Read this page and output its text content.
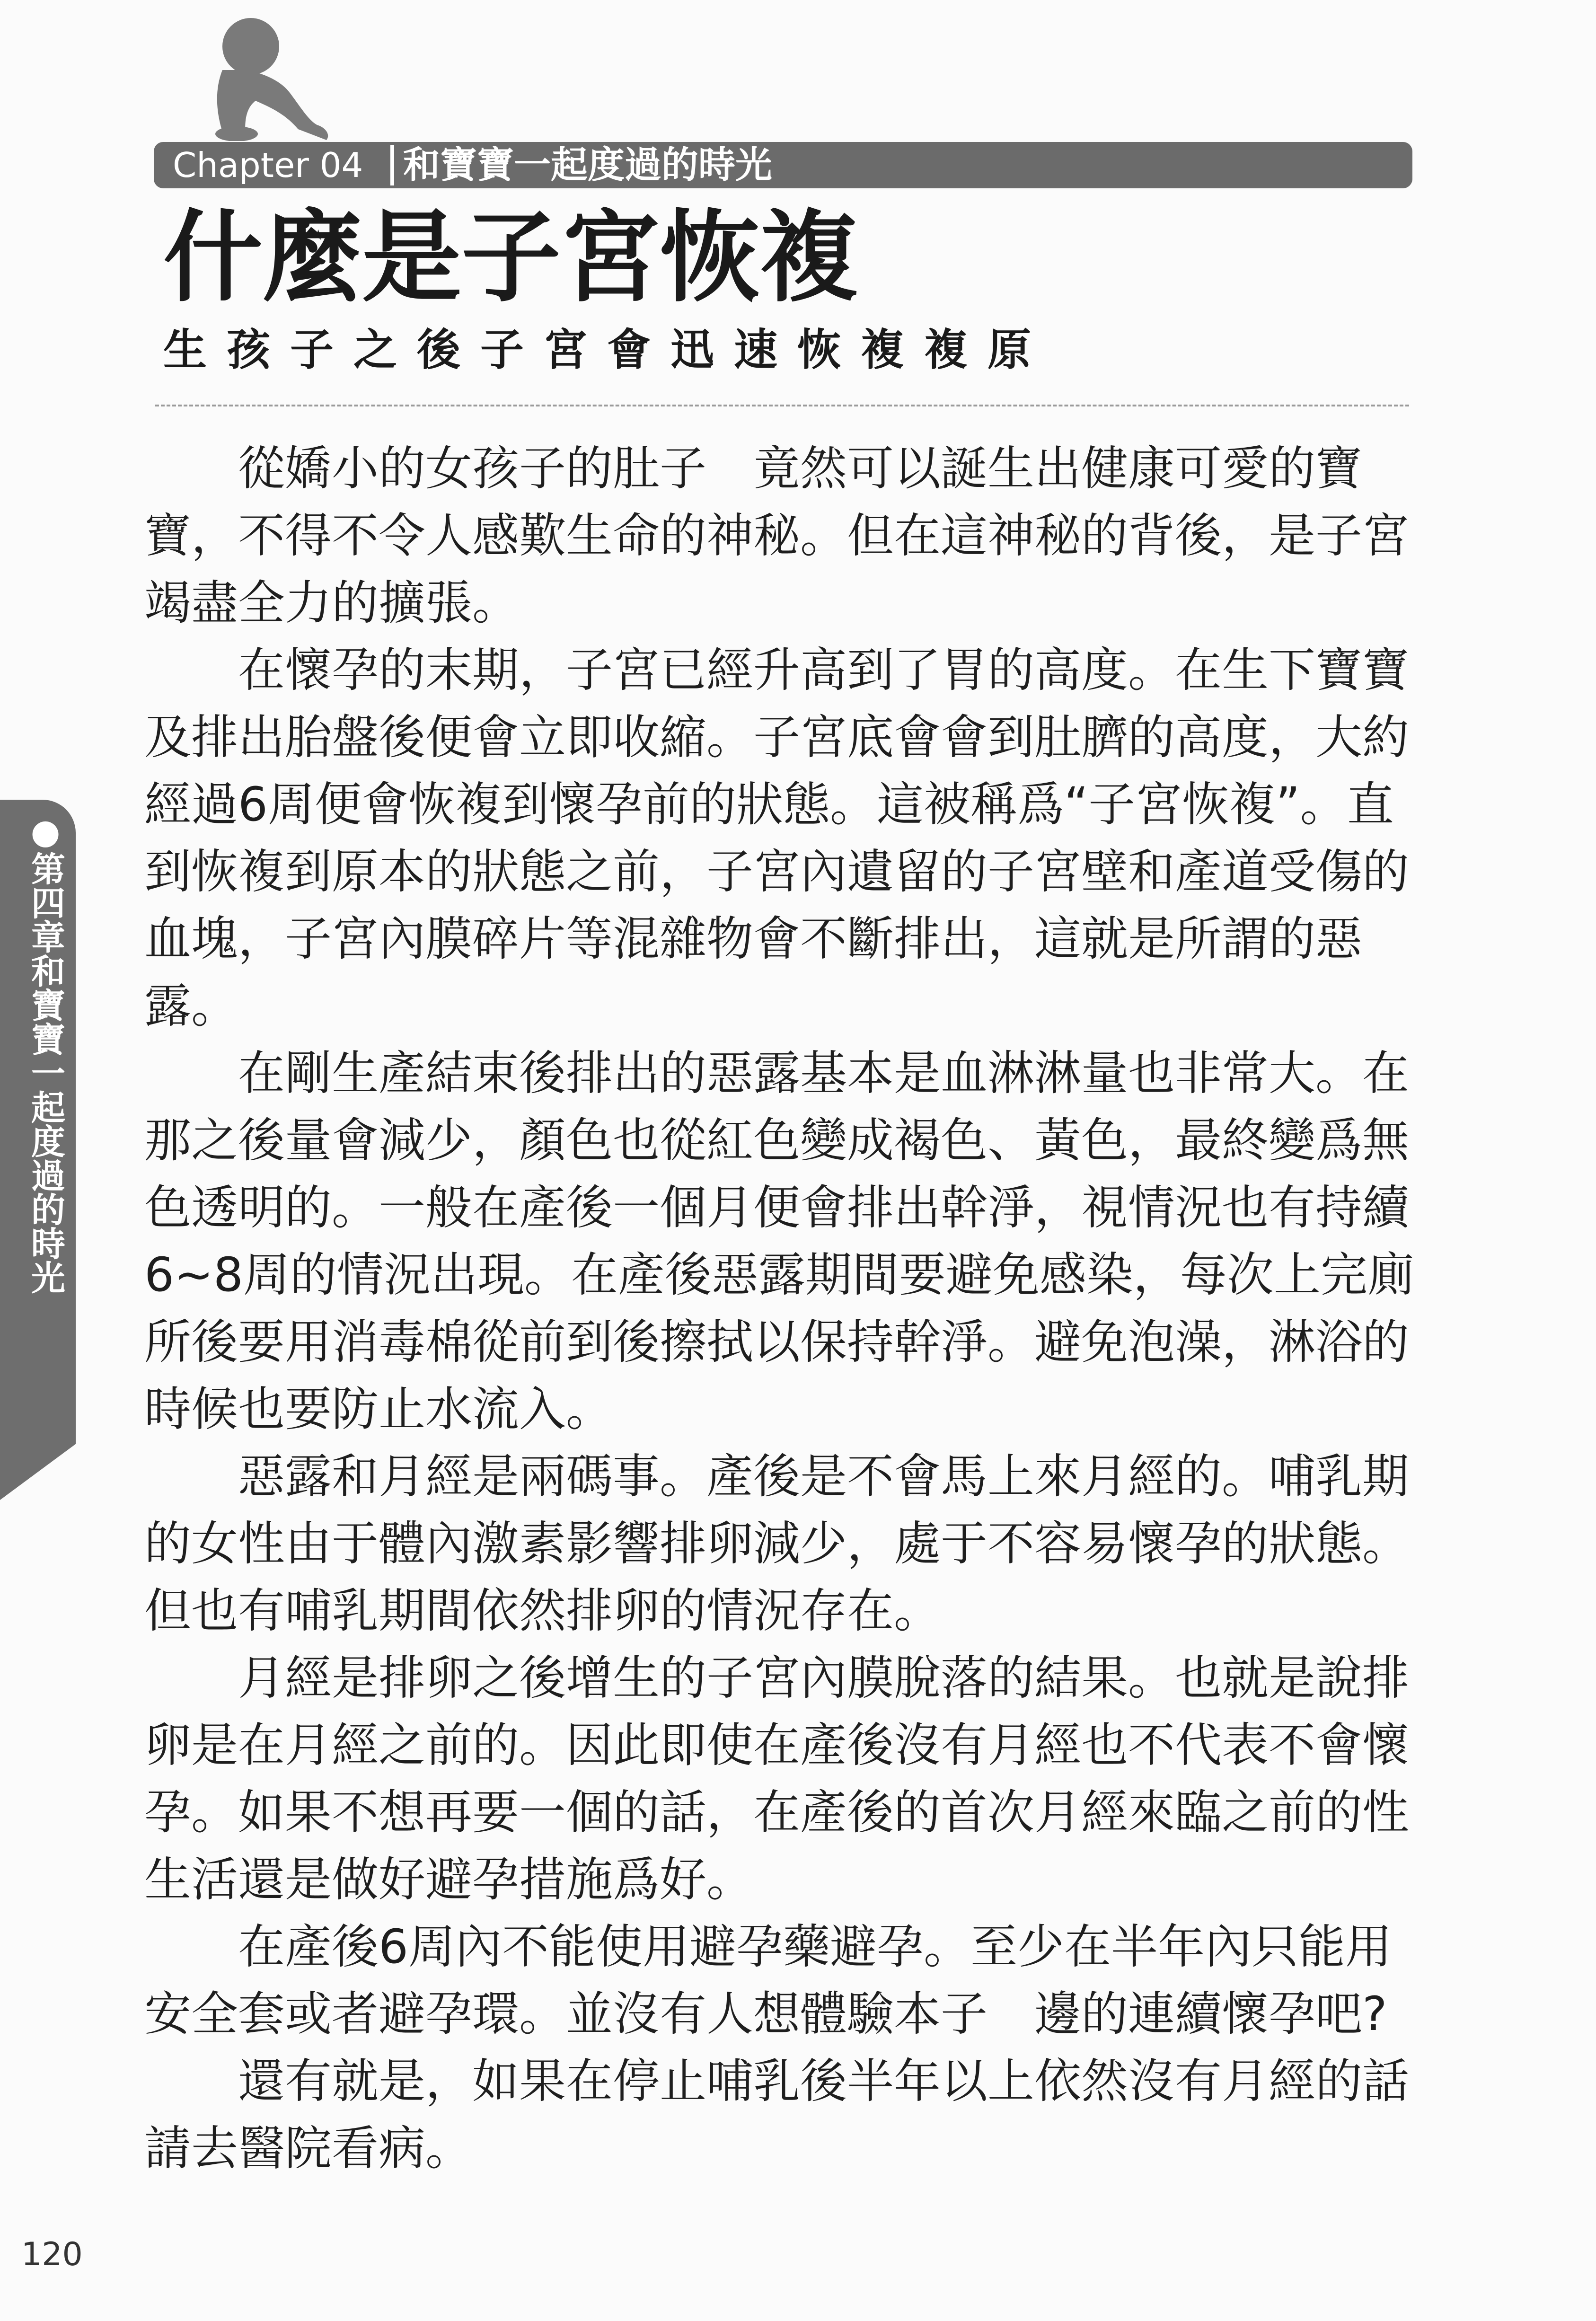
Chapter 04 和寶寶一起度過的時光
什麼是子宮恢複
生孩子之後子宮會迅速恢複複原

從嬌小的女孩子的肚子　竟然可以誕生出健康可愛的寶寶，不得不令人感歎生命的神秘。但在這神秘的背後，是子宮竭盡全力的擴張。

在懷孕的末期，子宮已經升高到了胃的高度。在生下寶寶及排出胎盤後便會立即收縮。子宮底會會到肚臍的高度，大約經過6周便會恢複到懷孕前的狀態。這被稱爲“子宮恢複”。直到恢複到原本的狀態之前，子宮內遺留的子宮壁和產道受傷的血塊，子宮內膜碎片等混雜物會不斷排出，這就是所謂的惡露。

在剛生產結束後排出的惡露基本是血淋淋量也非常大。在那之後量會減少，顏色也從紅色變成褐色、黃色，最終變爲無色透明的。一般在產後一個月便會排出幹淨，視情況也有持續6~8周的情況出現。在產後惡露期間要避免感染，每次上完廁所後要用消毒棉從前到後擦拭以保持幹淨。避免泡澡，淋浴的時候也要防止水流入。

惡露和月經是兩碼事。產後是不會馬上來月經的。哺乳期的女性由于體內激素影響排卵減少，處于不容易懷孕的狀態。但也有哺乳期間依然排卵的情況存在。

月經是排卵之後增生的子宮內膜脫落的結果。也就是說排卵是在月經之前的。因此即使在產後沒有月經也不代表不會懷孕。如果不想再要一個的話，在產後的首次月經來臨之前的性生活還是做好避孕措施爲好。

在產後6周內不能使用避孕藥避孕。至少在半年內只能用安全套或者避孕環。並沒有人想體驗本子　邊的連續懷孕吧?

還有就是，如果在停止哺乳後半年以上依然沒有月經的話請去醫院看病。

●第四章和寶寶一起度過的時光
120
